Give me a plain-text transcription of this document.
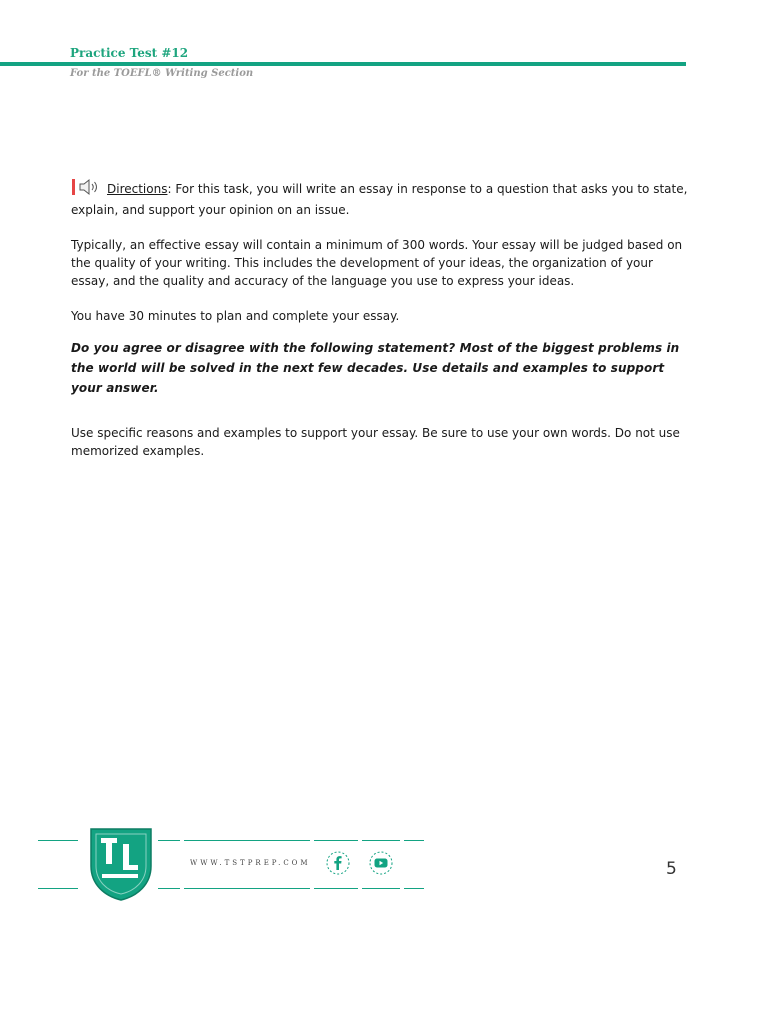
Practice Test #12
For the TOEFL® Writing Section

Directions: For this task, you will write an essay in response to a question that asks you to state, explain, and support your opinion on an issue.

Typically, an effective essay will contain a minimum of 300 words. Your essay will be judged based on the quality of your writing. This includes the development of your ideas, the organization of your essay, and the quality and accuracy of the language you use to express your ideas.

You have 30 minutes to plan and complete your essay.

Do you agree or disagree with the following statement? Most of the biggest problems in the world will be solved in the next few decades. Use details and examples to support your answer.

Use specific reasons and examples to support your essay. Be sure to use your own words. Do not use memorized examples.

WWW.TSTPREP.COM	5
